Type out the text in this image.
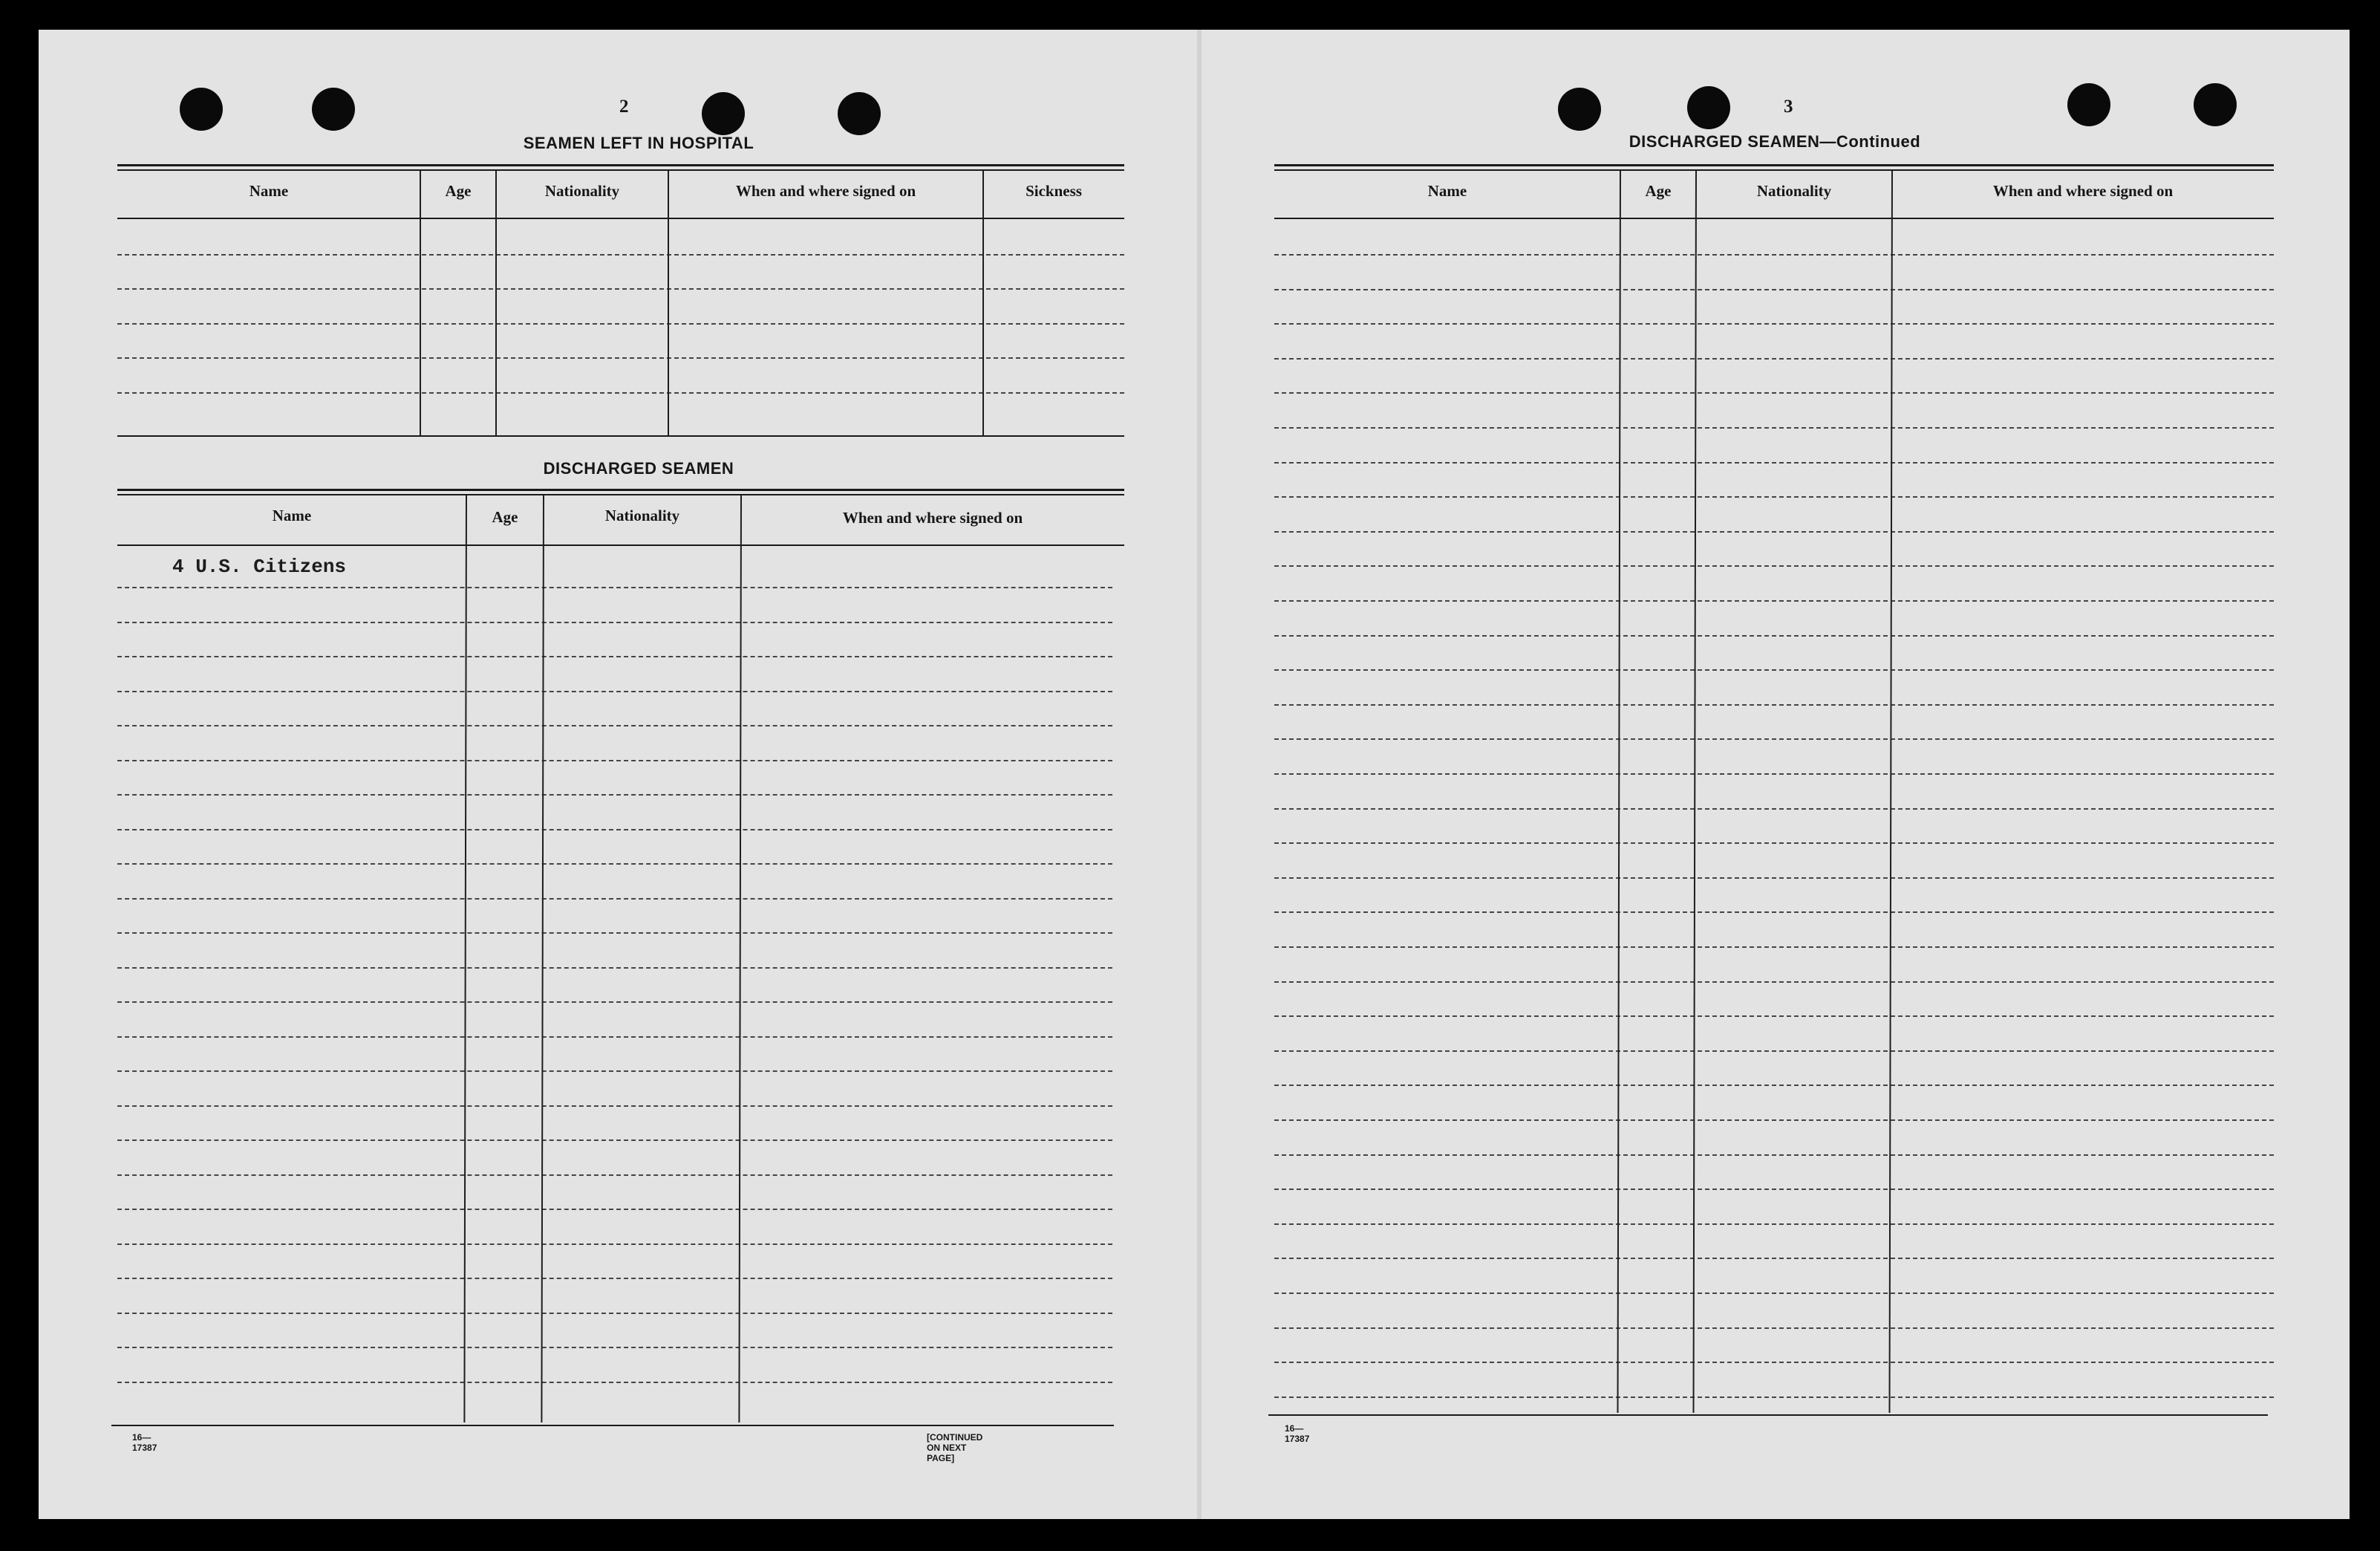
2
SEAMEN LEFT IN HOSPITAL
Name	Age	Nationality	When and where signed on	Sickness
DISCHARGED SEAMEN
Name	Age	Nationality	When and where signed on
4 U.S. Citizens
16—17387
[CONTINUED ON NEXT PAGE]
3
DISCHARGED SEAMEN—Continued
Name	Age	Nationality	When and where signed on
16—17387
